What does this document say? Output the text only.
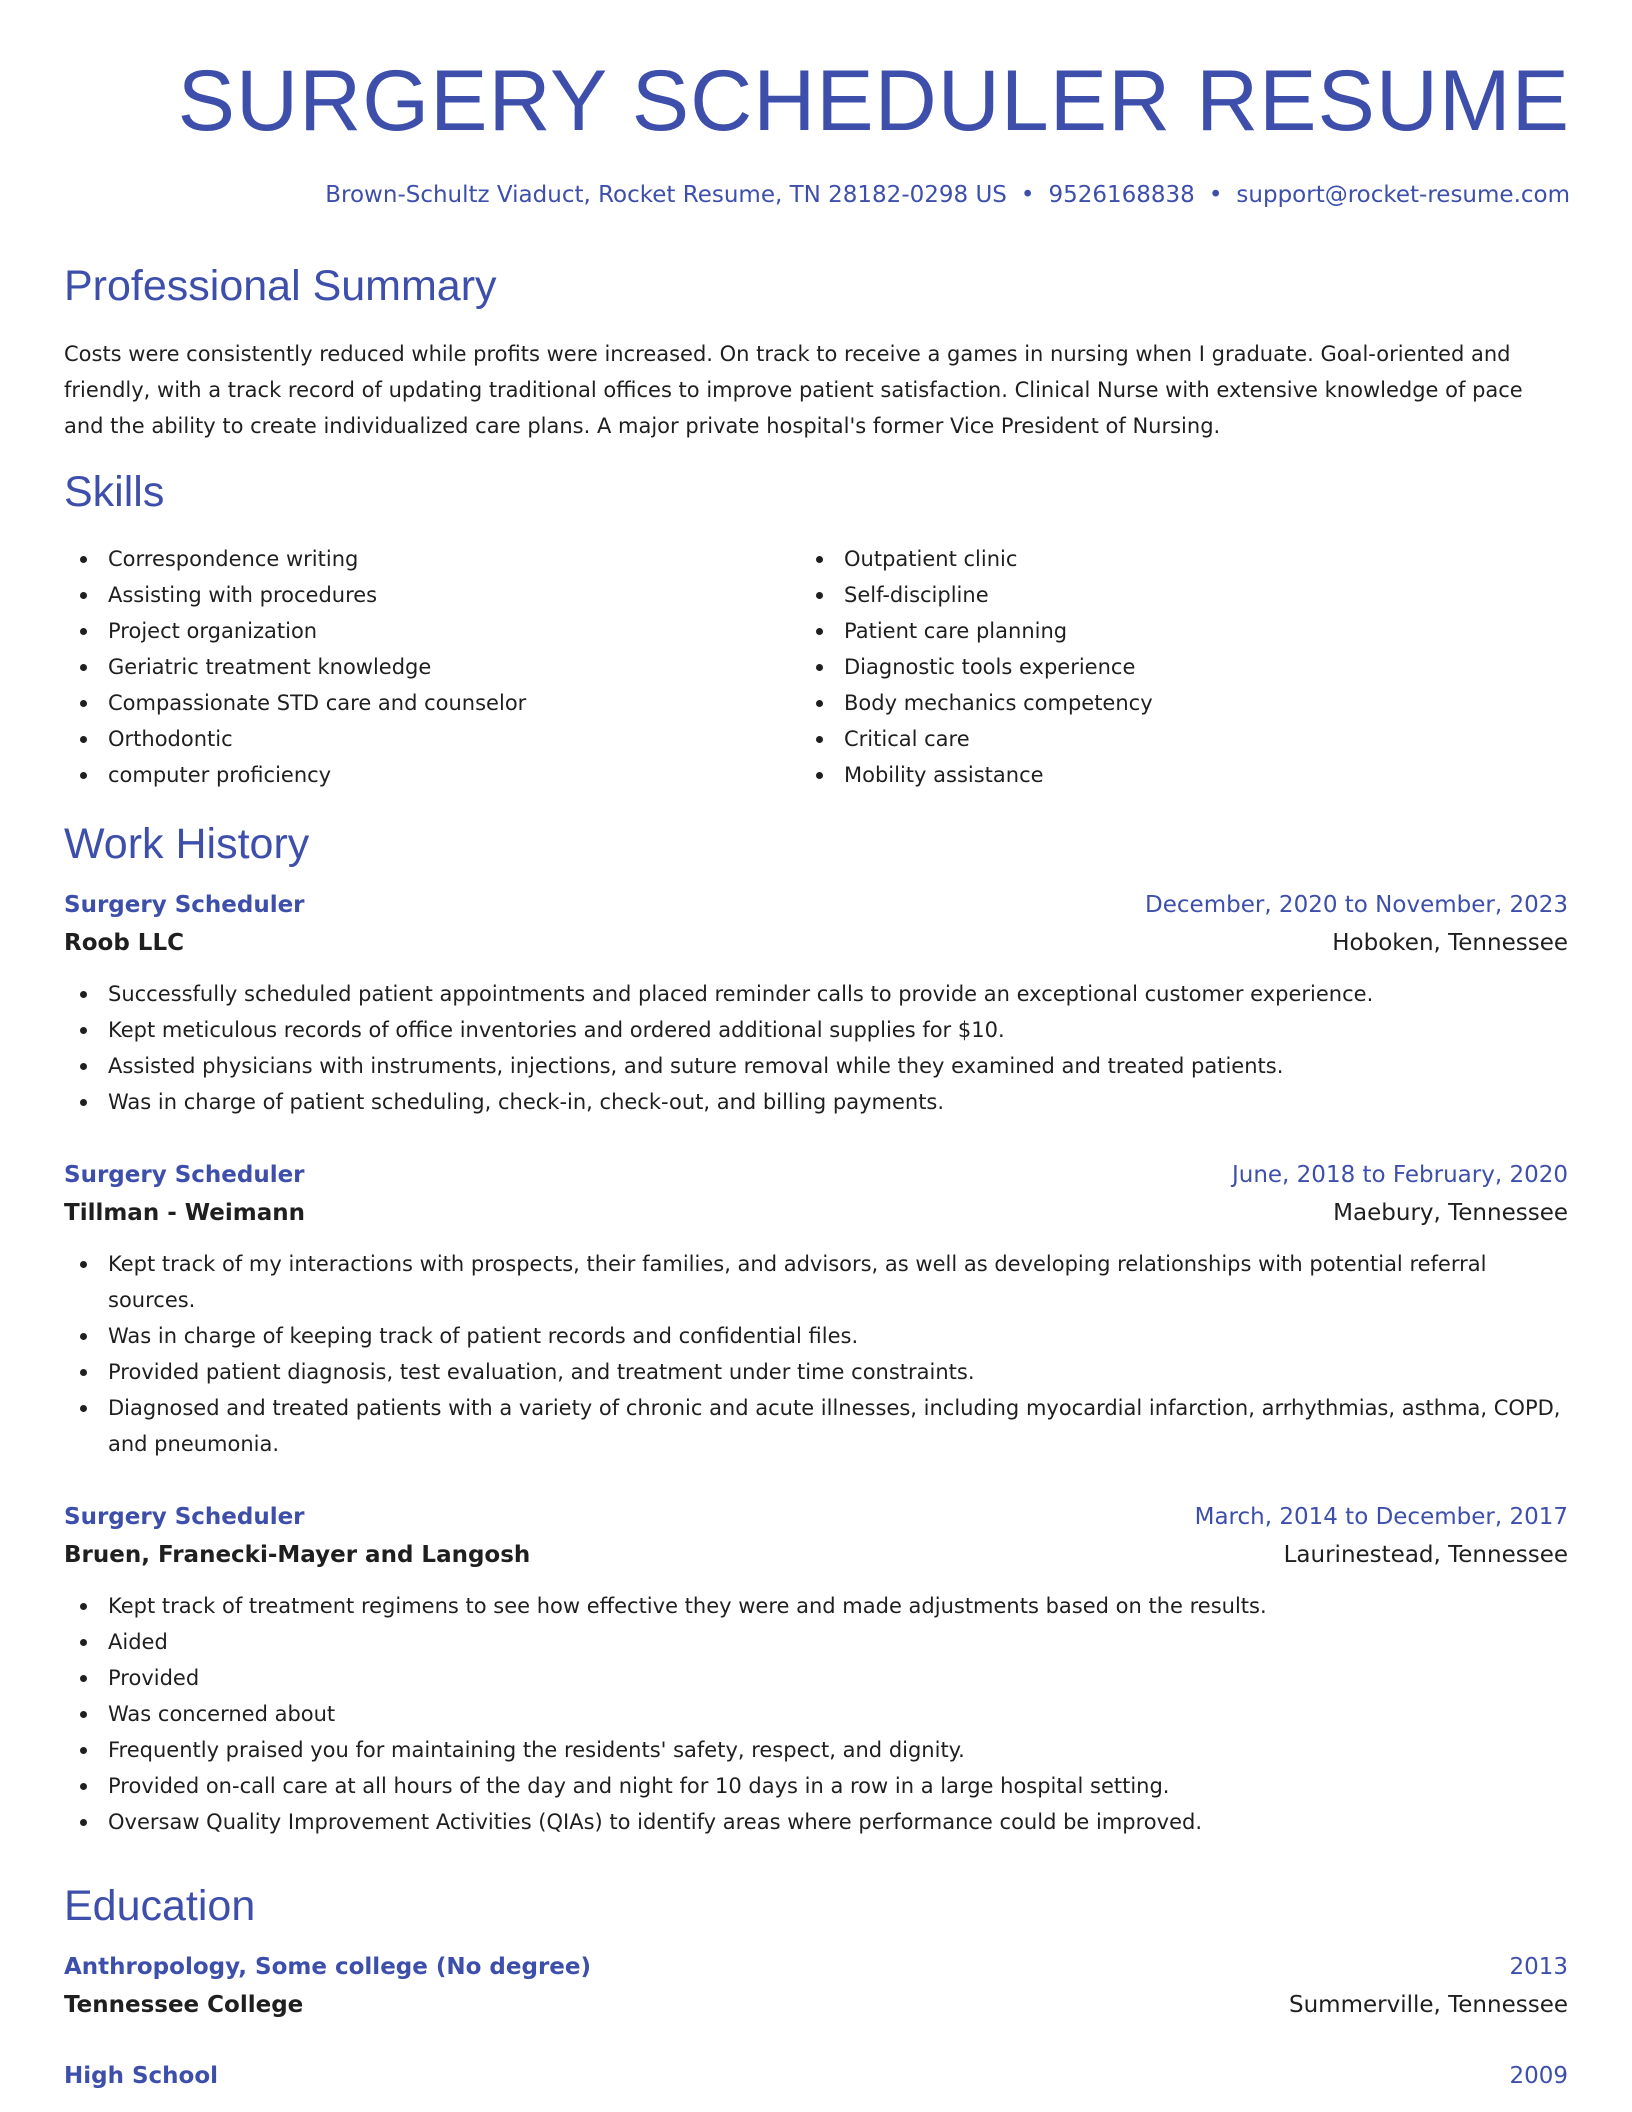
SURGERY SCHEDULER RESUME
Brown-Schultz Viaduct, Rocket Resume, TN 28182-0298 US • 9526168838 • support@rocket-resume.com
Professional Summary

Costs were consistently reduced while profits were increased. On track to receive a games in nursing when I graduate. Goal-oriented and friendly, with a track record of updating traditional offices to improve patient satisfaction. Clinical Nurse with extensive knowledge of pace and the ability to create individualized care plans. A major private hospital's former Vice President of Nursing.

Skills
Correspondence writing
Assisting with procedures
Project organization
Geriatric treatment knowledge
Compassionate STD care and counselor
Orthodontic
computer proficiency
Outpatient clinic
Self-discipline
Patient care planning
Diagnostic tools experience
Body mechanics competency
Critical care
Mobility assistance
Work History
Surgery Scheduler	December, 2020 to November, 2023
Roob LLC	Hoboken, Tennessee
Successfully scheduled patient appointments and placed reminder calls to provide an exceptional customer experience.
Kept meticulous records of office inventories and ordered additional supplies for $10.
Assisted physicians with instruments, injections, and suture removal while they examined and treated patients.
Was in charge of patient scheduling, check-in, check-out, and billing payments.
Surgery Scheduler	June, 2018 to February, 2020
Tillman - Weimann	Maebury, Tennessee
Kept track of my interactions with prospects, their families, and advisors, as well as developing relationships with potential referral sources.
Was in charge of keeping track of patient records and confidential files.
Provided patient diagnosis, test evaluation, and treatment under time constraints.
Diagnosed and treated patients with a variety of chronic and acute illnesses, including myocardial infarction, arrhythmias, asthma, COPD, and pneumonia.
Surgery Scheduler	March, 2014 to December, 2017
Bruen, Franecki-Mayer and Langosh	Laurinestead, Tennessee
Kept track of treatment regimens to see how effective they were and made adjustments based on the results.
Aided
Provided
Was concerned about
Frequently praised you for maintaining the residents' safety, respect, and dignity.
Provided on-call care at all hours of the day and night for 10 days in a row in a large hospital setting.
Oversaw Quality Improvement Activities (QIAs) to identify areas where performance could be improved.
Education
Anthropology, Some college (No degree)	2013
Tennessee College	Summerville, Tennessee
High School	2009
